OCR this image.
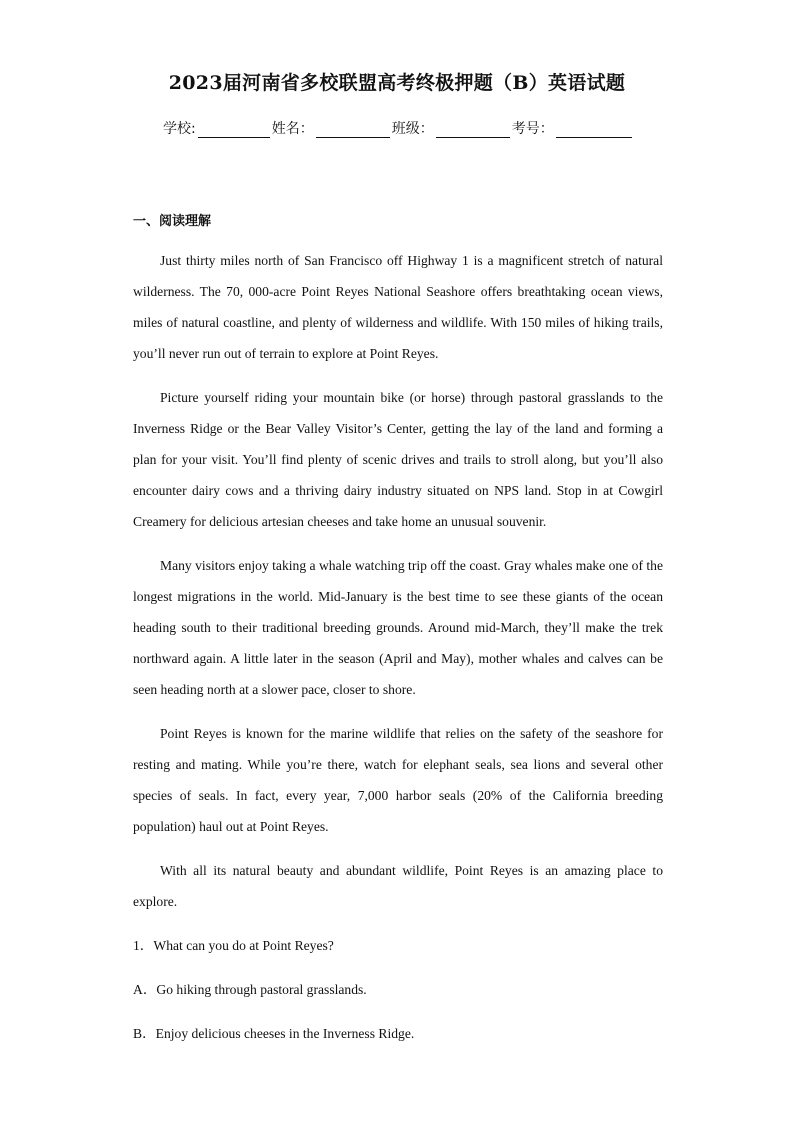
2023届河南省多校联盟高考终极押题（B）英语试题
学校:	姓名：	班级：	考号：
一、阅读理解

Just thirty miles north of San Francisco off Highway 1 is a magnificent stretch of natural wilderness. The 70, 000-acre Point Reyes National Seashore offers breathtaking ocean views, miles of natural coastline, and plenty of wilderness and wildlife. With 150 miles of hiking trails, you’ll never run out of terrain to explore at Point Reyes.

Picture yourself riding your mountain bike (or horse) through pastoral grasslands to the Inverness Ridge or the Bear Valley Visitor’s Center, getting the lay of the land and forming a plan for your visit. You’ll find plenty of scenic drives and trails to stroll along, but you’ll also encounter dairy cows and a thriving dairy industry situated on NPS land. Stop in at Cowgirl Creamery for delicious artesian cheeses and take home an unusual souvenir.

Many visitors enjoy taking a whale watching trip off the coast. Gray whales make one of the longest migrations in the world. Mid-January is the best time to see these giants of the ocean heading south to their traditional breeding grounds. Around mid-March, they’ll make the trek northward again. A little later in the season (April and May), mother whales and calves can be seen heading north at a slower pace, closer to shore.

Point Reyes is known for the marine wildlife that relies on the safety of the seashore for resting and mating. While you’re there, watch for elephant seals, sea lions and several other species of seals. In fact, every year, 7,000 harbor seals (20% of the California breeding population) haul out at Point Reyes.

With all its natural beauty and abundant wildlife, Point Reyes is an amazing place to explore.

1．What can you do at Point Reyes?
A．Go hiking through pastoral grasslands.
B．Enjoy delicious cheeses in the Inverness Ridge.
